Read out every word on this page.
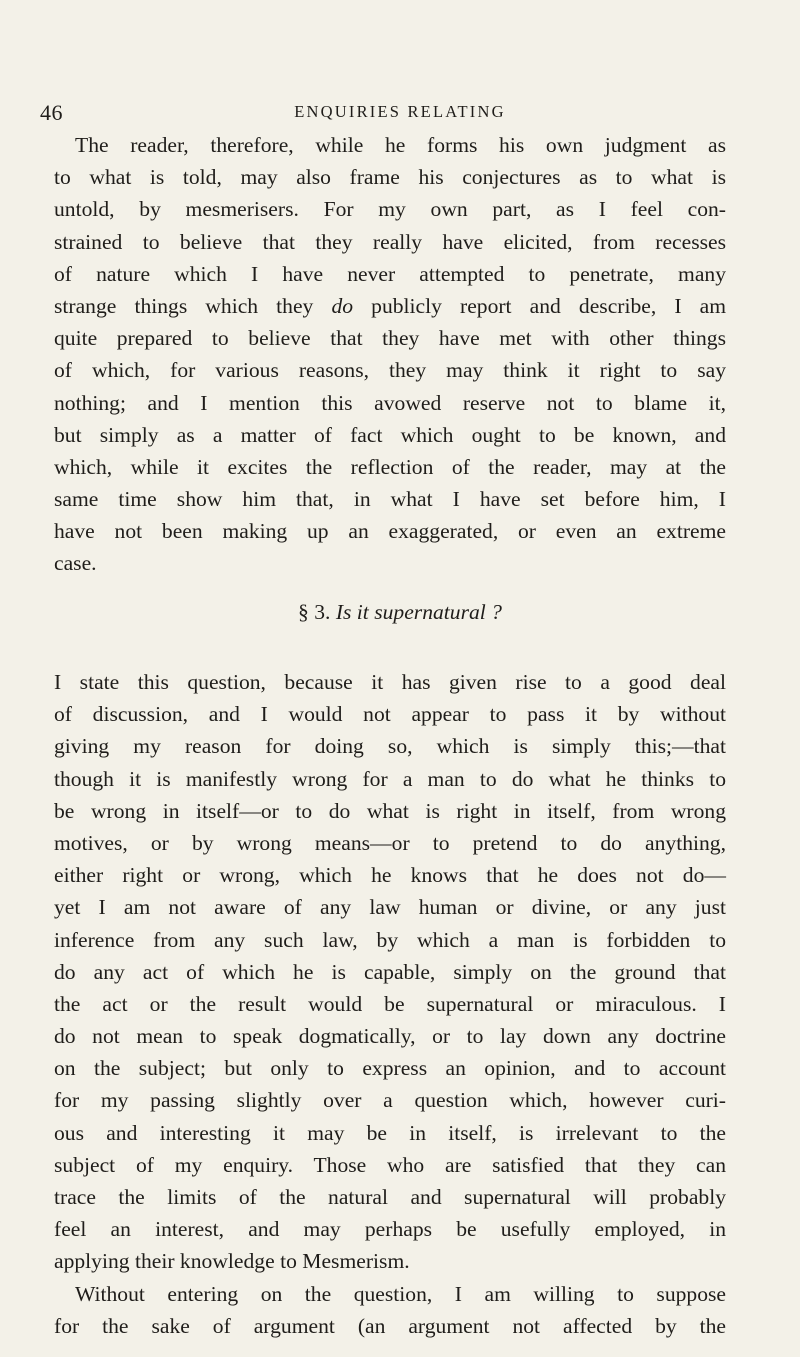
46	ENQUIRIES RELATING
The reader, therefore, while he forms his own judgment as
to what is told, may also frame his conjectures as to what is
untold, by mesmerisers. For my own part, as I feel con-
strained to believe that they really have elicited, from recesses
of nature which I have never attempted to penetrate, many
strange things which they do publicly report and describe, I am
quite prepared to believe that they have met with other things
of which, for various reasons, they may think it right to say
nothing; and I mention this avowed reserve not to blame it,
but simply as a matter of fact which ought to be known, and
which, while it excites the reflection of the reader, may at the
same time show him that, in what I have set before him, I
have not been making up an exaggerated, or even an extreme
case.
§ 3. Is it supernatural ?
I state this question, because it has given rise to a good deal
of discussion, and I would not appear to pass it by without
giving my reason for doing so, which is simply this;—that
though it is manifestly wrong for a man to do what he thinks to
be wrong in itself—or to do what is right in itself, from wrong
motives, or by wrong means—or to pretend to do anything,
either right or wrong, which he knows that he does not do—
yet I am not aware of any law human or divine, or any just
inference from any such law, by which a man is forbidden to
do any act of which he is capable, simply on the ground that
the act or the result would be supernatural or miraculous. I
do not mean to speak dogmatically, or to lay down any doctrine
on the subject; but only to express an opinion, and to account
for my passing slightly over a question which, however curi-
ous and interesting it may be in itself, is irrelevant to the
subject of my enquiry. Those who are satisfied that they can
trace the limits of the natural and supernatural will probably
feel an interest, and may perhaps be usefully employed, in
applying their knowledge to Mesmerism.
Without entering on the question, I am willing to suppose
for the sake of argument (an argument not affected by the
